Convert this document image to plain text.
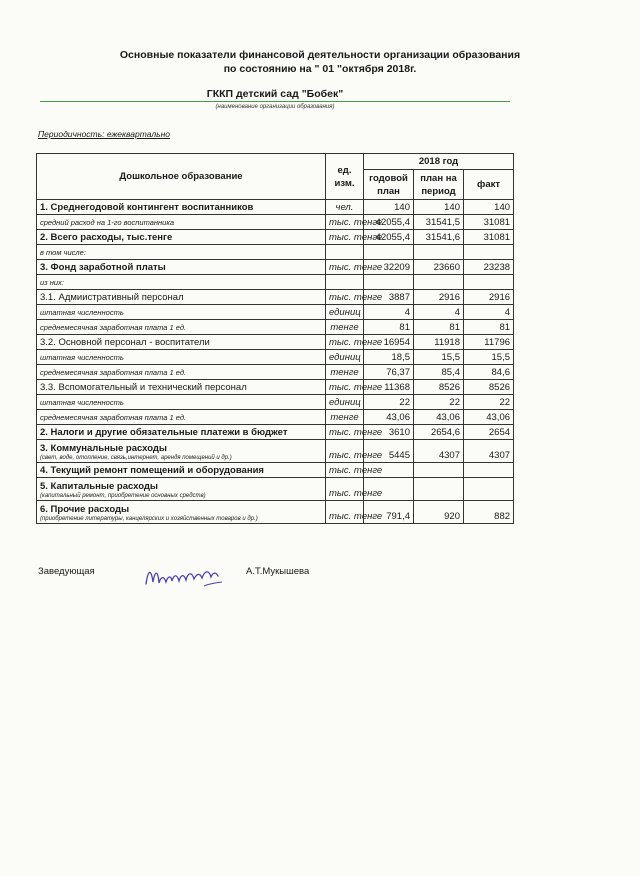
Основные показатели финансовой деятельности организации образования
по состоянию на " 01 "октября 2018г.
ГККП детский сад "Бобек"
(наименование организации образования)
Периодичность: ежеквартально
Дошкольное образование	ед. изм.	2018 год		
		годовой план	план на период	факт
1. Среднегодовой контингент воспитанников	чел.	140	140	140
средний расход на 1-го воспитанника	тыс. тенге	42055,4	31541,5	31081
2. Всего расходы, тыс.тенге	тыс. тенге	42055,4	31541,6	31081
в том числе:				
3. Фонд заработной платы	тыс. тенге	32209	23660	23238
из них:				
3.1. Адмиистративный персонал	тыс. тенге	3887	2916	2916
штатная численность	единиц	4	4	4
среднемесячная заработная плата 1 ед.	тенге	81	81	81
3.2. Основной персонал - воспитатели	тыс. тенге	16954	11918	11796
штатная численность	единиц	18,5	15,5	15,5
среднемесячная заработная плата 1 ед.	тенге	76,37	85,4	84,6
3.3. Вспомогательный и технический персонал	тыс. тенге	11368	8526	8526
штатная численность	единиц	22	22	22
среднемесячная заработная плата 1 ед.	тенге	43,06	43,06	43,06
2. Налоги и другие обязательные платежи в бюджет	тыс. тенге	3610	2654,6	2654
3. Коммунальные расходы
(свет, воде, отопление, связь,интернет, арендя помещений и др.)	тыс. тенге	5445	4307	4307
4. Текущий ремонт помещений и оборудования	тыс. тенге			
5. Капитальные расходы
(капитальный ремонт, приобретение основных средств)	тыс. тенге			
6. Прочие расходы
(приобретение литературы, канцелярских и хозяйственных товаров и др.)	тыс. тенге	791,4	920	882
Заведующая	А.Т.Мукышева
